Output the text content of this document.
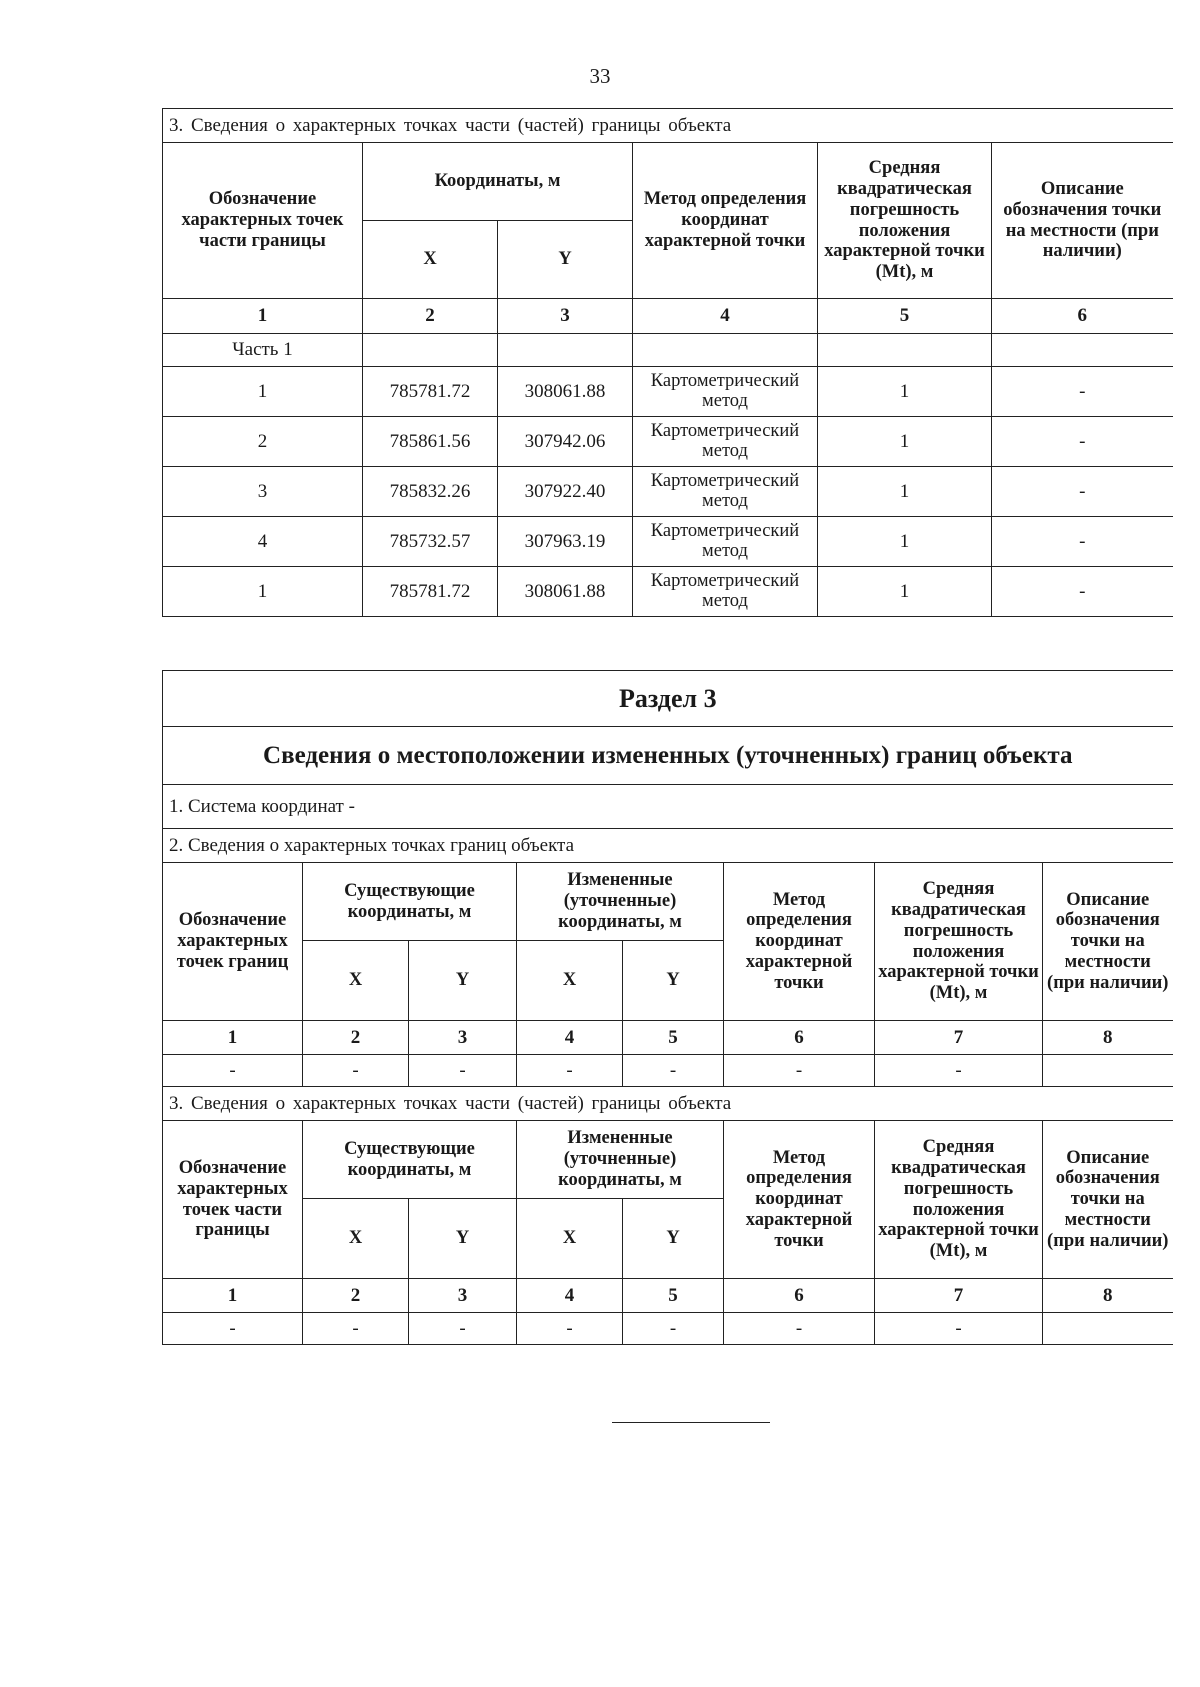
33
3. Сведения о характерных точках части (частей) границы объекта					
Обозначение характерных точек части границы	Координаты, м		Метод определения координат характерной точки	Средняя квадратическая погрешность положения характерной точки (Mt), м	Описание обозначения точки на местности (при наличии)
	X	Y			
1	2	3	4	5	6
Часть 1					
1	785781.72	308061.88	Картометрический метод	1	-
2	785861.56	307942.06	Картометрический метод	1	-
3	785832.26	307922.40	Картометрический метод	1	-
4	785732.57	307963.19	Картометрический метод	1	-
1	785781.72	308061.88	Картометрический метод	1	-
Раздел 3							
Сведения о местоположении измененных (уточненных) границ объекта							
1. Система координат -							
2. Сведения о характерных точках границ объекта							
Обозначение характерных точек границ	Существующие координаты, м		Измененные (уточненные) координаты, м		Метод определения координат характерной точки	Средняя квадратическая погрешность положения характерной точки (Mt), м	Описание обозначения точки на местности (при наличии)
	X	Y	X	Y			
1	2	3	4	5	6	7	8
-	-	-	-	-	-	-	
3. Сведения о характерных точках части (частей) границы объекта							
Обозначение характерных точек части границы	Существующие координаты, м		Измененные (уточненные) координаты, м		Метод определения координат характерной точки	Средняя квадратическая погрешность положения характерной точки (Mt), м	Описание обозначения точки на местности (при наличии)
	X	Y	X	Y			
1	2	3	4	5	6	7	8
-	-	-	-	-	-	-	
